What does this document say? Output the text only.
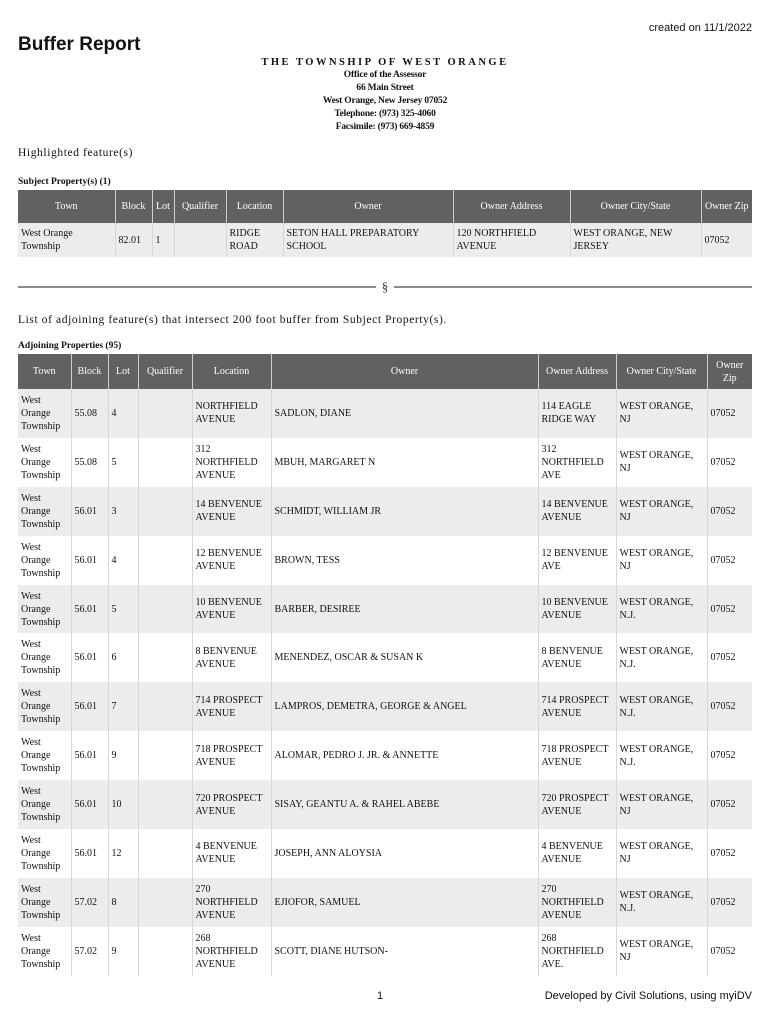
created on 11/1/2022
Buffer Report
THE TOWNSHIP OF WEST ORANGE
Office of the Assessor
66 Main Street
West Orange, New Jersey 07052
Telephone: (973) 325-4060
Facsimile: (973) 669-4859
Highlighted feature(s)
Subject Property(s) (1)
Town	Block	Lot	Qualifier	Location	Owner	Owner Address	Owner City/State	Owner Zip
West Orange Township	82.01	1		RIDGE ROAD	SETON HALL PREPARATORY SCHOOL	120 NORTHFIELD AVENUE	WEST ORANGE, NEW JERSEY	07052
§
List of adjoining feature(s) that intersect 200 foot buffer from Subject Property(s).
Adjoining Properties (95)
Town	Block	Lot	Qualifier	Location	Owner	Owner Address	Owner City/State	Owner Zip
West Orange Township	55.08	4		NORTHFIELD AVENUE	SADLON, DIANE	114 EAGLE RIDGE WAY	WEST ORANGE, NJ	07052
West Orange Township	55.08	5		312 NORTHFIELD AVENUE	MBUH, MARGARET N	312 NORTHFIELD AVE	WEST ORANGE, NJ	07052
West Orange Township	56.01	3		14 BENVENUE AVENUE	SCHMIDT, WILLIAM JR	14 BENVENUE AVENUE	WEST ORANGE, NJ	07052
West Orange Township	56.01	4		12 BENVENUE AVENUE	BROWN, TESS	12 BENVENUE AVE	WEST ORANGE, NJ	07052
West Orange Township	56.01	5		10 BENVENUE AVENUE	BARBER, DESIREE	10 BENVENUE AVENUE	WEST ORANGE, N.J.	07052
West Orange Township	56.01	6		8 BENVENUE AVENUE	MENENDEZ, OSCAR & SUSAN K	8 BENVENUE AVENUE	WEST ORANGE, N.J.	07052
West Orange Township	56.01	7		714 PROSPECT AVENUE	LAMPROS, DEMETRA, GEORGE & ANGEL	714 PROSPECT AVENUE	WEST ORANGE, N.J.	07052
West Orange Township	56.01	9		718 PROSPECT AVENUE	ALOMAR, PEDRO J. JR. & ANNETTE	718 PROSPECT AVENUE	WEST ORANGE, N.J.	07052
West Orange Township	56.01	10		720 PROSPECT AVENUE	SISAY, GEANTU A. & RAHEL ABEBE	720 PROSPECT AVENUE	WEST ORANGE, NJ	07052
West Orange Township	56.01	12		4 BENVENUE AVENUE	JOSEPH, ANN ALOYSIA	4 BENVENUE AVENUE	WEST ORANGE, NJ	07052
West Orange Township	57.02	8		270 NORTHFIELD AVENUE	EJIOFOR, SAMUEL	270 NORTHFIELD AVENUE	WEST ORANGE, N.J.	07052
West Orange Township	57.02	9		268 NORTHFIELD AVENUE	SCOTT, DIANE HUTSON-	268 NORTHFIELD AVE.	WEST ORANGE, NJ	07052
1	Developed by Civil Solutions, using myiDV
